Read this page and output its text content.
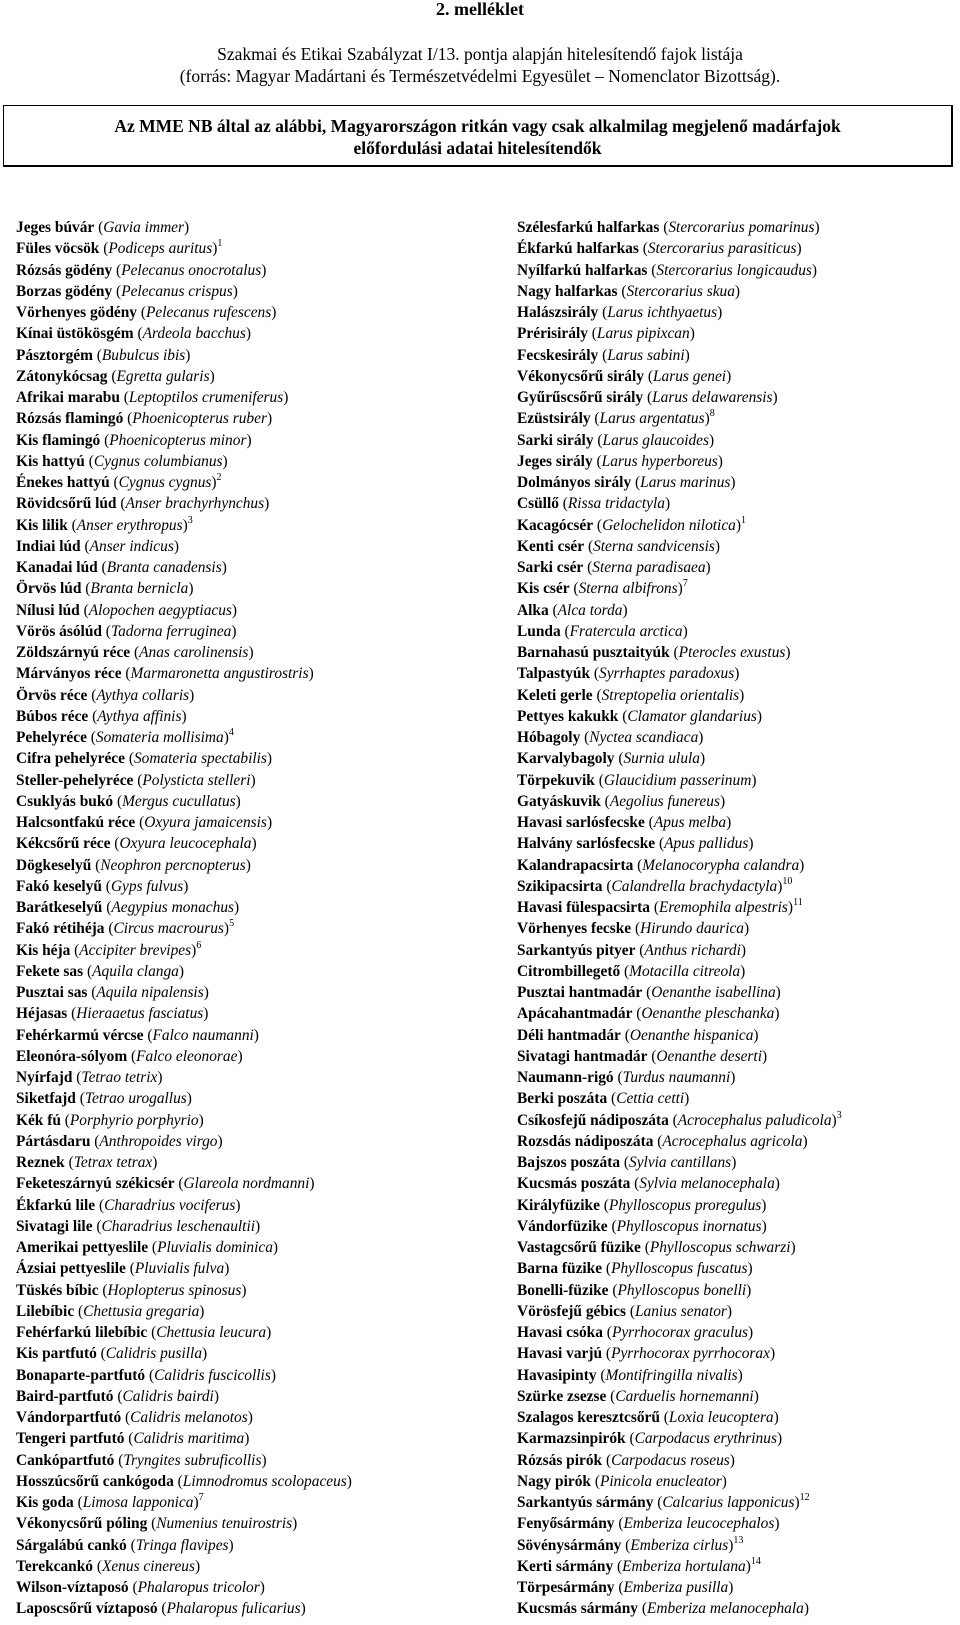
2. melléklet
Szakmai és Etikai Szabályzat I/13. pontja alapján hitelesítendő fajok listája
(forrás: Magyar Madártani és Természetvédelmi Egyesület – Nomenclator Bizottság).
Az MME NB által az alábbi, Magyarországon ritkán vagy csak alkalmilag megjelenő madárfajok
előfordulási adatai hitelesítendők
Jeges búvár (Gavia immer)
Füles vöcsök (Podiceps auritus)$^1$
Rózsás gödény (Pelecanus onocrotalus)
Borzas gödény (Pelecanus crispus)
Vörhenyes gödény (Pelecanus rufescens)
Kínai üstökösgém (Ardeola bacchus)
Pásztorgém (Bubulcus ibis)
Zátonykócsag (Egretta gularis)
Afrikai marabu (Leptoptilos crumeniferus)
Rózsás flamingó (Phoenicopterus ruber)
Kis flamingó (Phoenicopterus minor)
Kis hattyú (Cygnus columbianus)
Énekes hattyú (Cygnus cygnus)$^2$
Rövidcsőrű lúd (Anser brachyrhynchus)
Kis lilik (Anser erythropus)$^3$
Indiai lúd (Anser indicus)
Kanadai lúd (Branta canadensis)
Örvös lúd (Branta bernicla)
Nílusi lúd (Alopochen aegyptiacus)
Vörös ásólúd (Tadorna ferruginea)
Zöldszárnyú réce (Anas carolinensis)
Márványos réce (Marmaronetta angustirostris)
Örvös réce (Aythya collaris)
Búbos réce (Aythya affinis)
Pehelyréce (Somateria mollisima)$^4$
Cifra pehelyréce (Somateria spectabilis)
Steller-pehelyréce (Polysticta stelleri)
Csuklyás bukó (Mergus cucullatus)
Halcsontfakú réce (Oxyura jamaicensis)
Kékcsőrű réce (Oxyura leucocephala)
Dögkeselyű (Neophron percnopterus)
Fakó keselyű (Gyps fulvus)
Barátkeselyű (Aegypius monachus)
Fakó rétihéja (Circus macrourus)$^5$
Kis héja (Accipiter brevipes)$^6$
Fekete sas (Aquila clanga)
Pusztai sas (Aquila nipalensis)
Héjasas (Hieraaetus fasciatus)
Fehérkarmú vércse (Falco naumanni)
Eleonóra-sólyom (Falco eleonorae)
Nyírfajd (Tetrao tetrix)
Siketfajd (Tetrao urogallus)
Kék fú (Porphyrio porphyrio)
Pártásdaru (Anthropoides virgo)
Reznek (Tetrax tetrax)
Feketeszárnyú székicsér (Glareola nordmanni)
Ékfarkú lile (Charadrius vociferus)
Sivatagi lile (Charadrius leschenaultii)
Amerikai pettyeslile (Pluvialis dominica)
Ázsiai pettyeslile (Pluvialis fulva)
Tüskés bíbic (Hoplopterus spinosus)
Lilebíbic (Chettusia gregaria)
Fehérfarkú lilebíbic (Chettusia leucura)
Kis partfutó (Calidris pusilla)
Bonaparte-partfutó (Calidris fuscicollis)
Baird-partfutó (Calidris bairdi)
Vándorpartfutó (Calidris melanotos)
Tengeri partfutó (Calidris maritima)
Cankópartfutó (Tryngites subruficollis)
Hosszúcsőrű cankógoda (Limnodromus scolopaceus)
Kis goda (Limosa lapponica)$^7$
Vékonycsőrű póling (Numenius tenuirostris)
Sárgalábú cankó (Tringa flavipes)
Terekcankó (Xenus cinereus)
Wilson-víztaposó (Phalaropus tricolor)
Laposcsőrű víztaposó (Phalaropus fulicarius)
Szélesfarkú halfarkas (Stercorarius pomarinus)
Ékfarkú halfarkas (Stercorarius parasiticus)
Nyílfarkú halfarkas (Stercorarius longicaudus)
Nagy halfarkas (Stercorarius skua)
Halászsirály (Larus ichthyaetus)
Prérisirály (Larus pipixcan)
Fecskesirály (Larus sabini)
Vékonycsőrű sirály (Larus genei)
Gyűrűscsőrű sirály (Larus delawarensis)
Ezüstsirály (Larus argentatus)$^8$
Sarki sirály (Larus glaucoides)
Jeges sirály (Larus hyperboreus)
Dolmányos sirály (Larus marinus)
Csüllő (Rissa tridactyla)
Kacagócsér (Gelochelidon nilotica)$^1$
Kenti csér (Sterna sandvicensis)
Sarki csér (Sterna paradisaea)
Kis csér (Sterna albifrons)$^7$
Alka (Alca torda)
Lunda (Fratercula arctica)
Barnahasú pusztaityúk (Pterocles exustus)
Talpastyúk (Syrrhaptes paradoxus)
Keleti gerle (Streptopelia orientalis)
Pettyes kakukk (Clamator glandarius)
Hóbagoly (Nyctea scandiaca)
Karvalybagoly (Surnia ulula)
Törpekuvik (Glaucidium passerinum)
Gatyáskuvik (Aegolius funereus)
Havasi sarlósfecske (Apus melba)
Halvány sarlósfecske (Apus pallidus)
Kalandrapacsirta (Melanocorypha calandra)
Szikipacsirta (Calandrella brachydactyla)$^{10}$
Havasi fülespacsirta (Eremophila alpestris)$^{11}$
Vörhenyes fecske (Hirundo daurica)
Sarkantyús pityer (Anthus richardi)
Citrombillegető (Motacilla citreola)
Pusztai hantmadár (Oenanthe isabellina)
Apácahantmadár (Oenanthe pleschanka)
Déli hantmadár (Oenanthe hispanica)
Sivatagi hantmadár (Oenanthe deserti)
Naumann-rigó (Turdus naumanni)
Berki poszáta (Cettia cetti)
Csíkosfejű nádiposzáta (Acrocephalus paludicola)$^3$
Rozsdás nádiposzáta (Acrocephalus agricola)
Bajszos poszáta (Sylvia cantillans)
Kucsmás poszáta (Sylvia melanocephala)
Királyfüzike (Phylloscopus proregulus)
Vándorfüzike (Phylloscopus inornatus)
Vastagcsőrű füzike (Phylloscopus schwarzi)
Barna füzike (Phylloscopus fuscatus)
Bonelli-füzike (Phylloscopus bonelli)
Vörösfejű gébics (Lanius senator)
Havasi csóka (Pyrrhocorax graculus)
Havasi varjú (Pyrrhocorax pyrrhocorax)
Havasipinty (Montifringilla nivalis)
Szürke zsezse (Carduelis hornemanni)
Szalagos keresztcsőrű (Loxia leucoptera)
Karmazsinpirók (Carpodacus erythrinus)
Rózsás pirók (Carpodacus roseus)
Nagy pirók (Pinicola enucleator)
Sarkantyús sármány (Calcarius lapponicus)$^{12}$
Fenyősármány (Emberiza leucocephalos)
Sövénysármány (Emberiza cirlus)$^{13}$
Kerti sármány (Emberiza hortulana)$^{14}$
Törpesármány (Emberiza pusilla)
Kucsmás sármány (Emberiza melanocephala)
